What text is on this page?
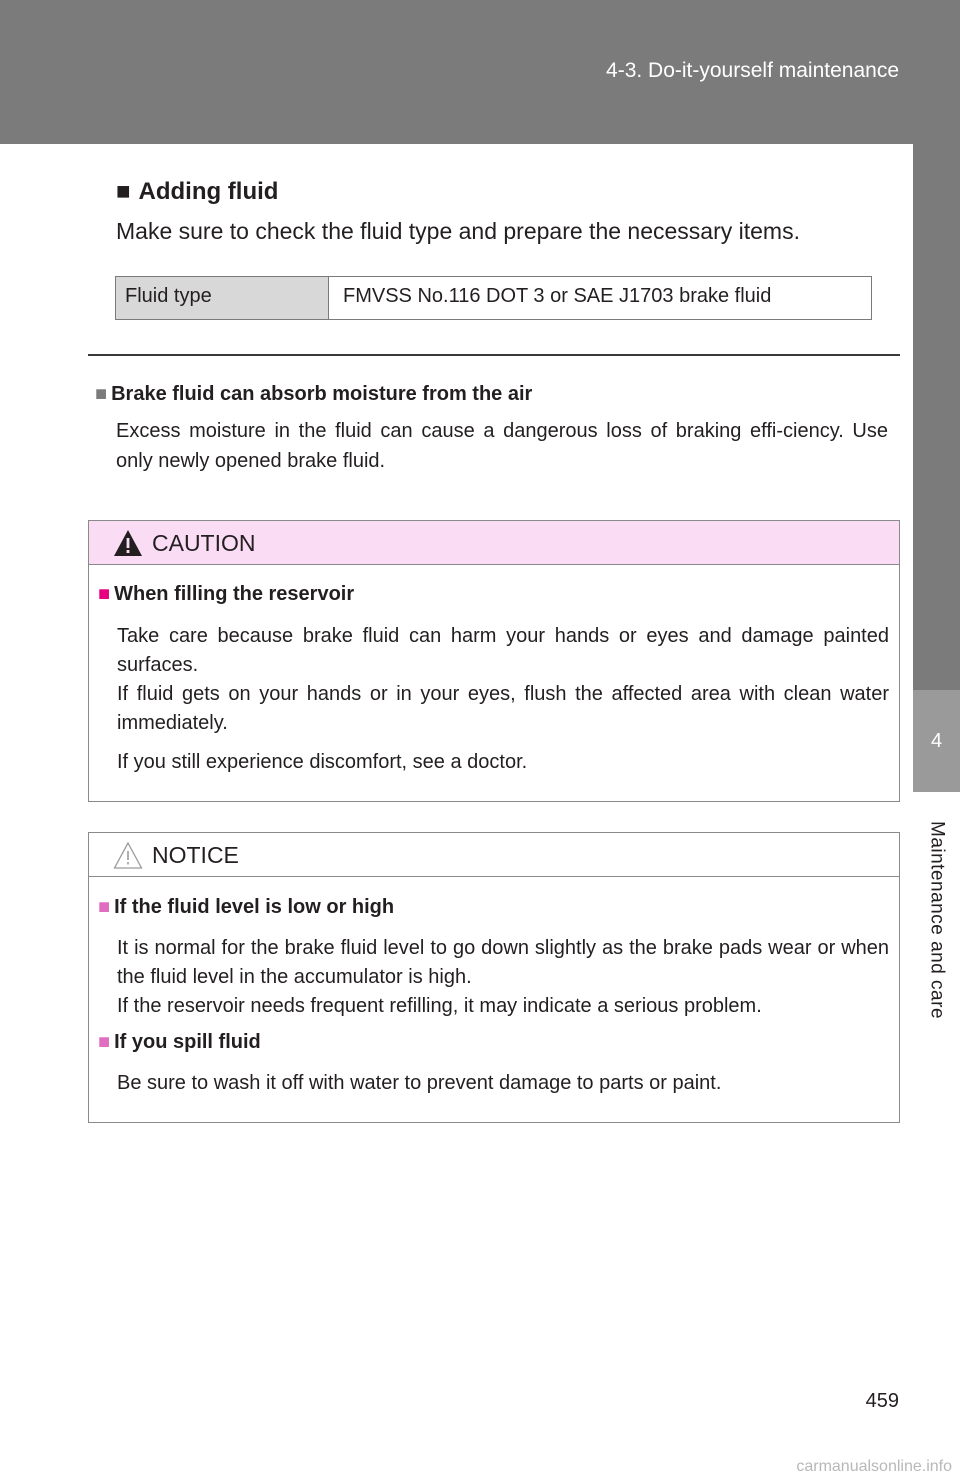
4-3. Do-it-yourself maintenance
4
Maintenance and care
■ Adding fluid
Make sure to check the fluid type and prepare the necessary items.
Fluid type	FMVSS No.116 DOT 3 or SAE J1703 brake fluid
■ Brake fluid can absorb moisture from the air
Excess moisture in the fluid can cause a dangerous loss of braking effi-ciency. Use only newly opened brake fluid.
CAUTION
■ When filling the reservoir

Take care because brake fluid can harm your hands or eyes and damage painted surfaces.

If fluid gets on your hands or in your eyes, flush the affected area with clean water immediately.

If you still experience discomfort, see a doctor.

NOTICE
■ If the fluid level is low or high

It is normal for the brake fluid level to go down slightly as the brake pads wear or when the fluid level in the accumulator is high.

If the reservoir needs frequent refilling, it may indicate a serious problem.

■ If you spill fluid

Be sure to wash it off with water to prevent damage to parts or paint.

459
carmanualsonline.info
